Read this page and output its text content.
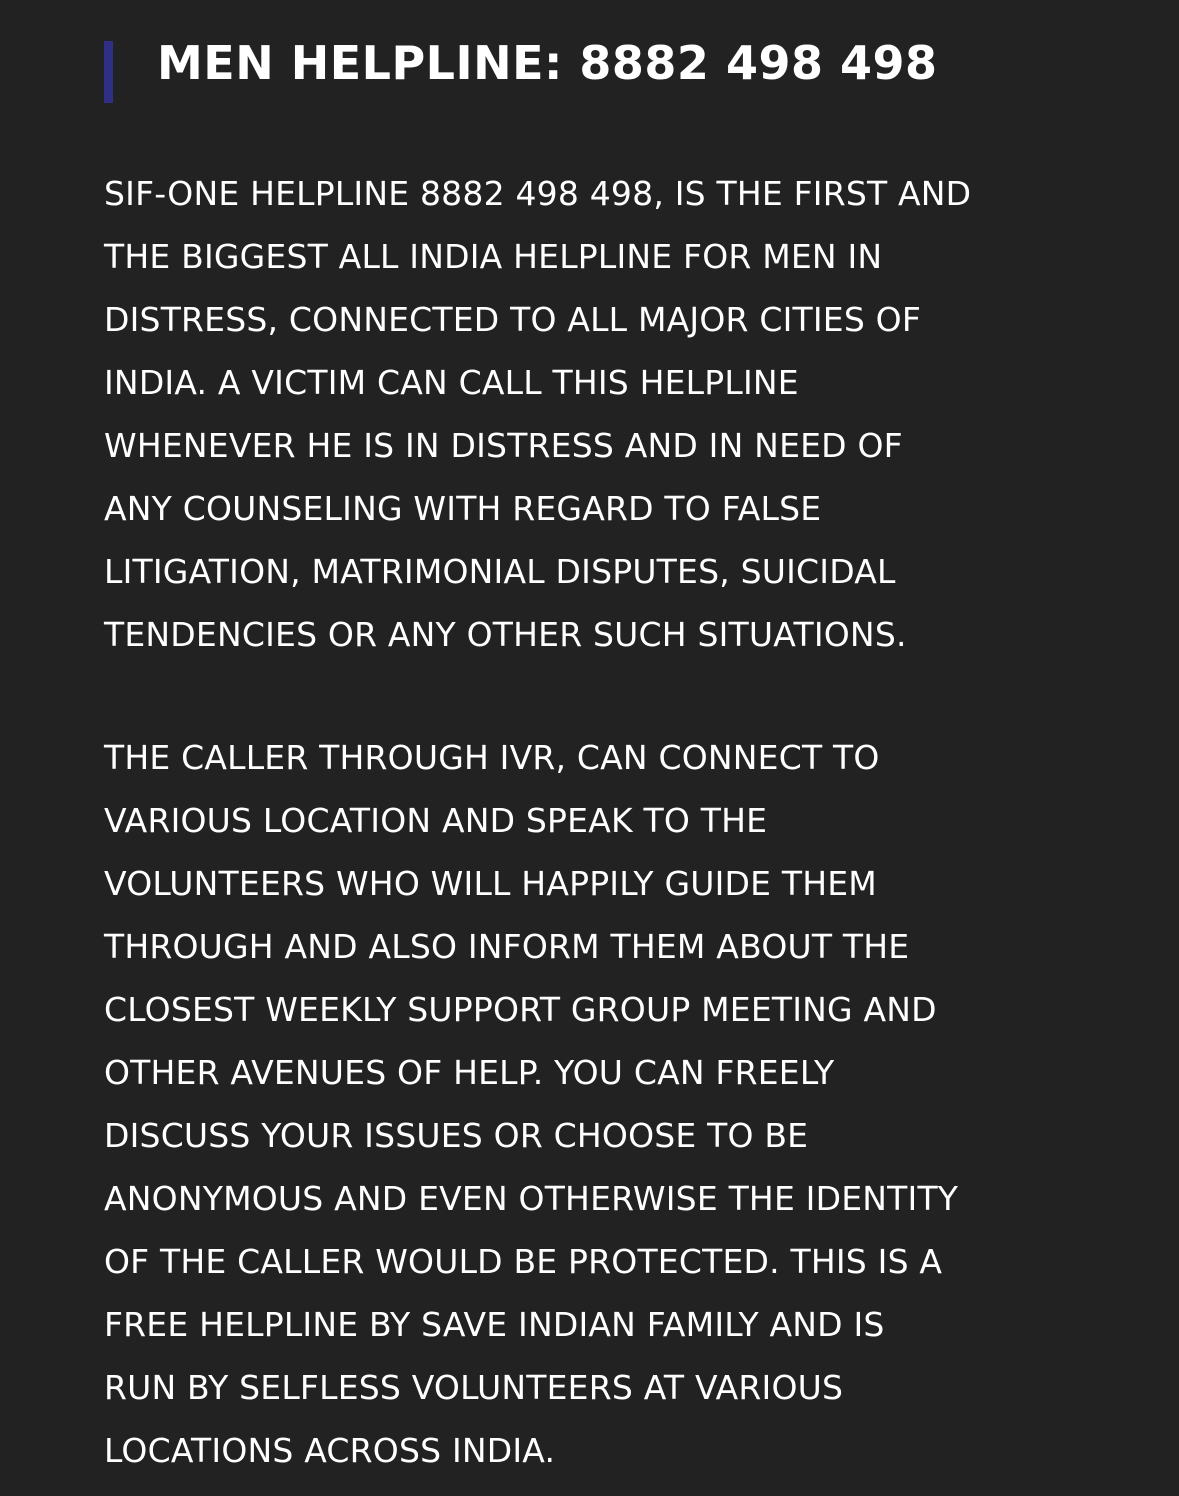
MEN HELPLINE: 8882 498 498
SIF-ONE HELPLINE 8882 498 498, IS THE FIRST AND
THE BIGGEST ALL INDIA HELPLINE FOR MEN IN
DISTRESS, CONNECTED TO ALL MAJOR CITIES OF
INDIA. A VICTIM CAN CALL THIS HELPLINE
WHENEVER HE IS IN DISTRESS AND IN NEED OF
ANY COUNSELING WITH REGARD TO FALSE
LITIGATION, MATRIMONIAL DISPUTES, SUICIDAL
TENDENCIES OR ANY OTHER SUCH SITUATIONS.
THE CALLER THROUGH IVR, CAN CONNECT TO
VARIOUS LOCATION AND SPEAK TO THE
VOLUNTEERS WHO WILL HAPPILY GUIDE THEM
THROUGH AND ALSO INFORM THEM ABOUT THE
CLOSEST WEEKLY SUPPORT GROUP MEETING AND
OTHER AVENUES OF HELP. YOU CAN FREELY
DISCUSS YOUR ISSUES OR CHOOSE TO BE
ANONYMOUS AND EVEN OTHERWISE THE IDENTITY
OF THE CALLER WOULD BE PROTECTED. THIS IS A
FREE HELPLINE BY SAVE INDIAN FAMILY AND IS
RUN BY SELFLESS VOLUNTEERS AT VARIOUS
LOCATIONS ACROSS INDIA.
